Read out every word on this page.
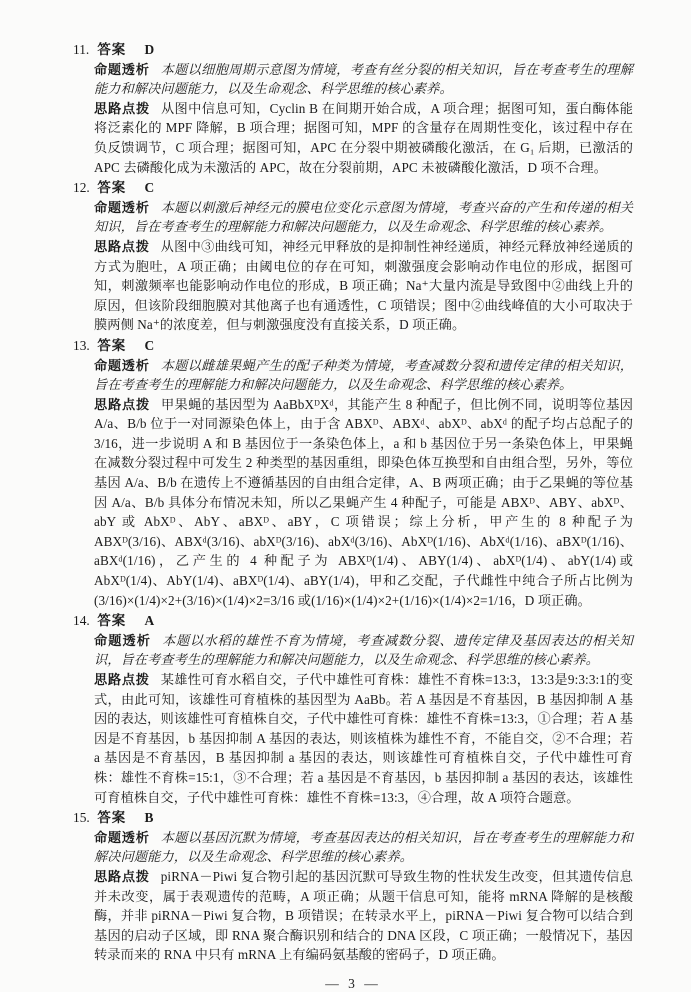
11. 答案 D

命题透析 本题以细胞周期示意图为情境，考查有丝分裂的相关知识，旨在考查考生的理解能力和解决问题能力，以及生命观念、科学思维的核心素养。

思路点拨 从图中信息可知，Cyclin B 在间期开始合成，A 项合理；据图可知，蛋白酶体能将泛素化的 MPF 降解，B 项合理；据图可知，MPF 的含量存在周期性变化，该过程中存在负反馈调节，C 项合理；据图可知，APC 在分裂中期被磷酸化激活，在 G₁ 后期，已激活的 APC 去磷酸化成为未激活的 APC，故在分裂前期，APC 未被磷酸化激活，D 项不合理。

12. 答案 C

命题透析 本题以刺激后神经元的膜电位变化示意图为情境，考查兴奋的产生和传递的相关知识，旨在考查考生的理解能力和解决问题能力，以及生命观念、科学思维的核心素养。

思路点拨 从图中③曲线可知，神经元甲释放的是抑制性神经递质，神经元释放神经递质的方式为胞吐，A 项正确；由阈电位的存在可知，刺激强度会影响动作电位的形成，据图可知，刺激频率也能影响动作电位的形成，B 项正确；Na⁺大量内流是导致图中②曲线上升的原因，但该阶段细胞膜对其他离子也有通透性，C 项错误；图中②曲线峰值的大小可取决于膜两侧 Na⁺的浓度差，但与刺激强度没有直接关系，D 项正确。

13. 答案 C

命题透析 本题以雌雄果蝇产生的配子种类为情境，考查减数分裂和遗传定律的相关知识，旨在考查考生的理解能力和解决问题能力，以及生命观念、科学思维的核心素养。

思路点拨 甲果蝇的基因型为 AaBbXᴰXᵈ，其能产生 8 种配子，但比例不同，说明等位基因 A/a、B/b 位于一对同源染色体上，由于含 ABXᴰ、ABXᵈ、abXᴰ、abXᵈ 的配子均占总配子的 3/16，进一步说明 A 和 B 基因位于一条染色体上，a 和 b 基因位于另一条染色体上，甲果蝇在减数分裂过程中可发生 2 种类型的基因重组，即染色体互换型和自由组合型，另外，等位基因 A/a、B/b 在遗传上不遵循基因的自由组合定律，A、B 两项正确；由于乙果蝇的等位基因 A/a、B/b 具体分布情况未知，所以乙果蝇产生 4 种配子，可能是 ABXᴰ、ABY、abXᴰ、abY 或 AbXᴰ、AbY、aBXᴰ、aBY，C 项错误；综上分析，甲产生的 8 种配子为 ABXᴰ(3/16)、ABXᵈ(3/16)、abXᴰ(3/16)、abXᵈ(3/16)、AbXᴰ(1/16)、AbXᵈ(1/16)、aBXᴰ(1/16)、aBXᵈ(1/16)，乙产生的 4 种配子为 ABXᴰ(1/4)、ABY(1/4)、abXᴰ(1/4)、abY(1/4)或 AbXᴰ(1/4)、AbY(1/4)、aBXᴰ(1/4)、aBY(1/4)，甲和乙交配，子代雌性中纯合子所占比例为(3/16)×(1/4)×2+(3/16)×(1/4)×2=3/16 或(1/16)×(1/4)×2+(1/16)×(1/4)×2=1/16，D 项正确。

14. 答案 A

命题透析 本题以水稻的雄性不育为情境，考查减数分裂、遗传定律及基因表达的相关知识，旨在考查考生的理解能力和解决问题能力，以及生命观念、科学思维的核心素养。

思路点拨 某雄性可育水稻自交，子代中雄性可育株：雄性不育株=13:3，13:3是9:3:3:1的变式，由此可知，该雄性可育植株的基因型为 AaBb。若 A 基因是不育基因，B 基因抑制 A 基因的表达，则该雄性可育植株自交，子代中雄性可育株：雄性不育株=13:3，①合理；若 A 基因是不育基因，b 基因抑制 A 基因的表达，则该植株为雄性不育，不能自交，②不合理；若 a 基因是不育基因，B 基因抑制 a 基因的表达，则该雄性可育植株自交，子代中雄性可育株：雄性不育株=15:1，③不合理；若 a 基因是不育基因，b 基因抑制 a 基因的表达，该雄性可育植株自交，子代中雄性可育株：雄性不育株=13:3，④合理，故 A 项符合题意。

15. 答案 B

命题透析 本题以基因沉默为情境，考查基因表达的相关知识，旨在考查考生的理解能力和解决问题能力，以及生命观念、科学思维的核心素养。

思路点拨 piRNA－Piwi 复合物引起的基因沉默可导致生物的性状发生改变，但其遗传信息并未改变，属于表观遗传的范畴，A 项正确；从题干信息可知，能将 mRNA 降解的是核酸酶，并非 piRNA－Piwi 复合物，B 项错误；在转录水平上，piRNA－Piwi 复合物可以结合到基因的启动子区域，即 RNA 聚合酶识别和结合的 DNA 区段，C 项正确；一般情况下，基因转录而来的 RNA 中只有 mRNA 上有编码氨基酸的密码子，D 项正确。

— 3 —
